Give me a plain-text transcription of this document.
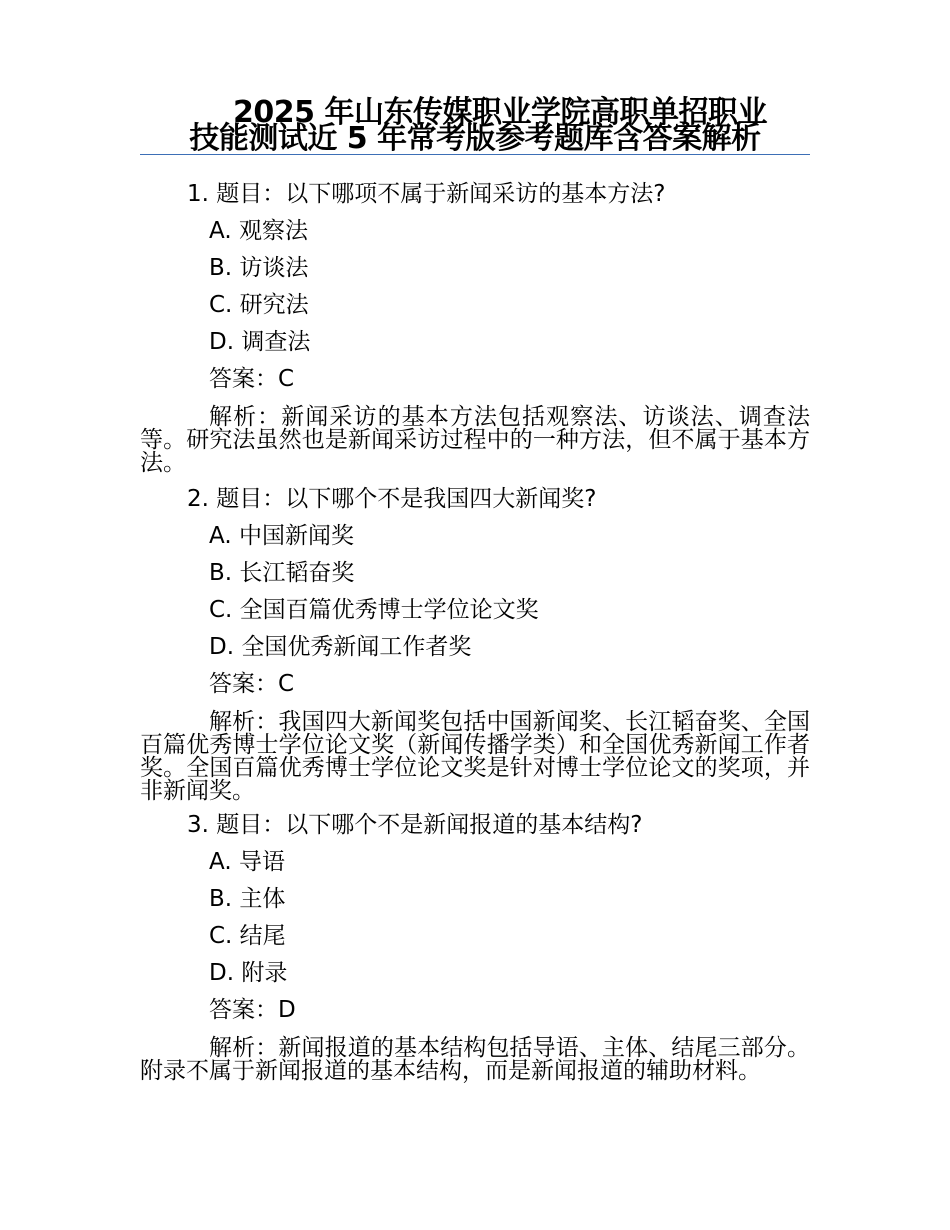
2025 年山东传媒职业学院高职单招职业
技能测试近 5 年常考版参考题库含答案解析
1. 题目：以下哪项不属于新闻采访的基本方法?
A. 观察法
B. 访谈法
C. 研究法
D. 调查法
答案：C
解析：新闻采访的基本方法包括观察法、访谈法、调查法等。研究法虽然也是新闻采访过程中的一种方法，但不属于基本方法。
2. 题目：以下哪个不是我国四大新闻奖?
A. 中国新闻奖
B. 长江韬奋奖
C. 全国百篇优秀博士学位论文奖
D. 全国优秀新闻工作者奖
答案：C
解析：我国四大新闻奖包括中国新闻奖、长江韬奋奖、全国百篇优秀博士学位论文奖（新闻传播学类）和全国优秀新闻工作者奖。全国百篇优秀博士学位论文奖是针对博士学位论文的奖项，并非新闻奖。
3. 题目：以下哪个不是新闻报道的基本结构?
A. 导语
B. 主体
C. 结尾
D. 附录
答案：D
解析：新闻报道的基本结构包括导语、主体、结尾三部分。附录不属于新闻报道的基本结构，而是新闻报道的辅助材料。
